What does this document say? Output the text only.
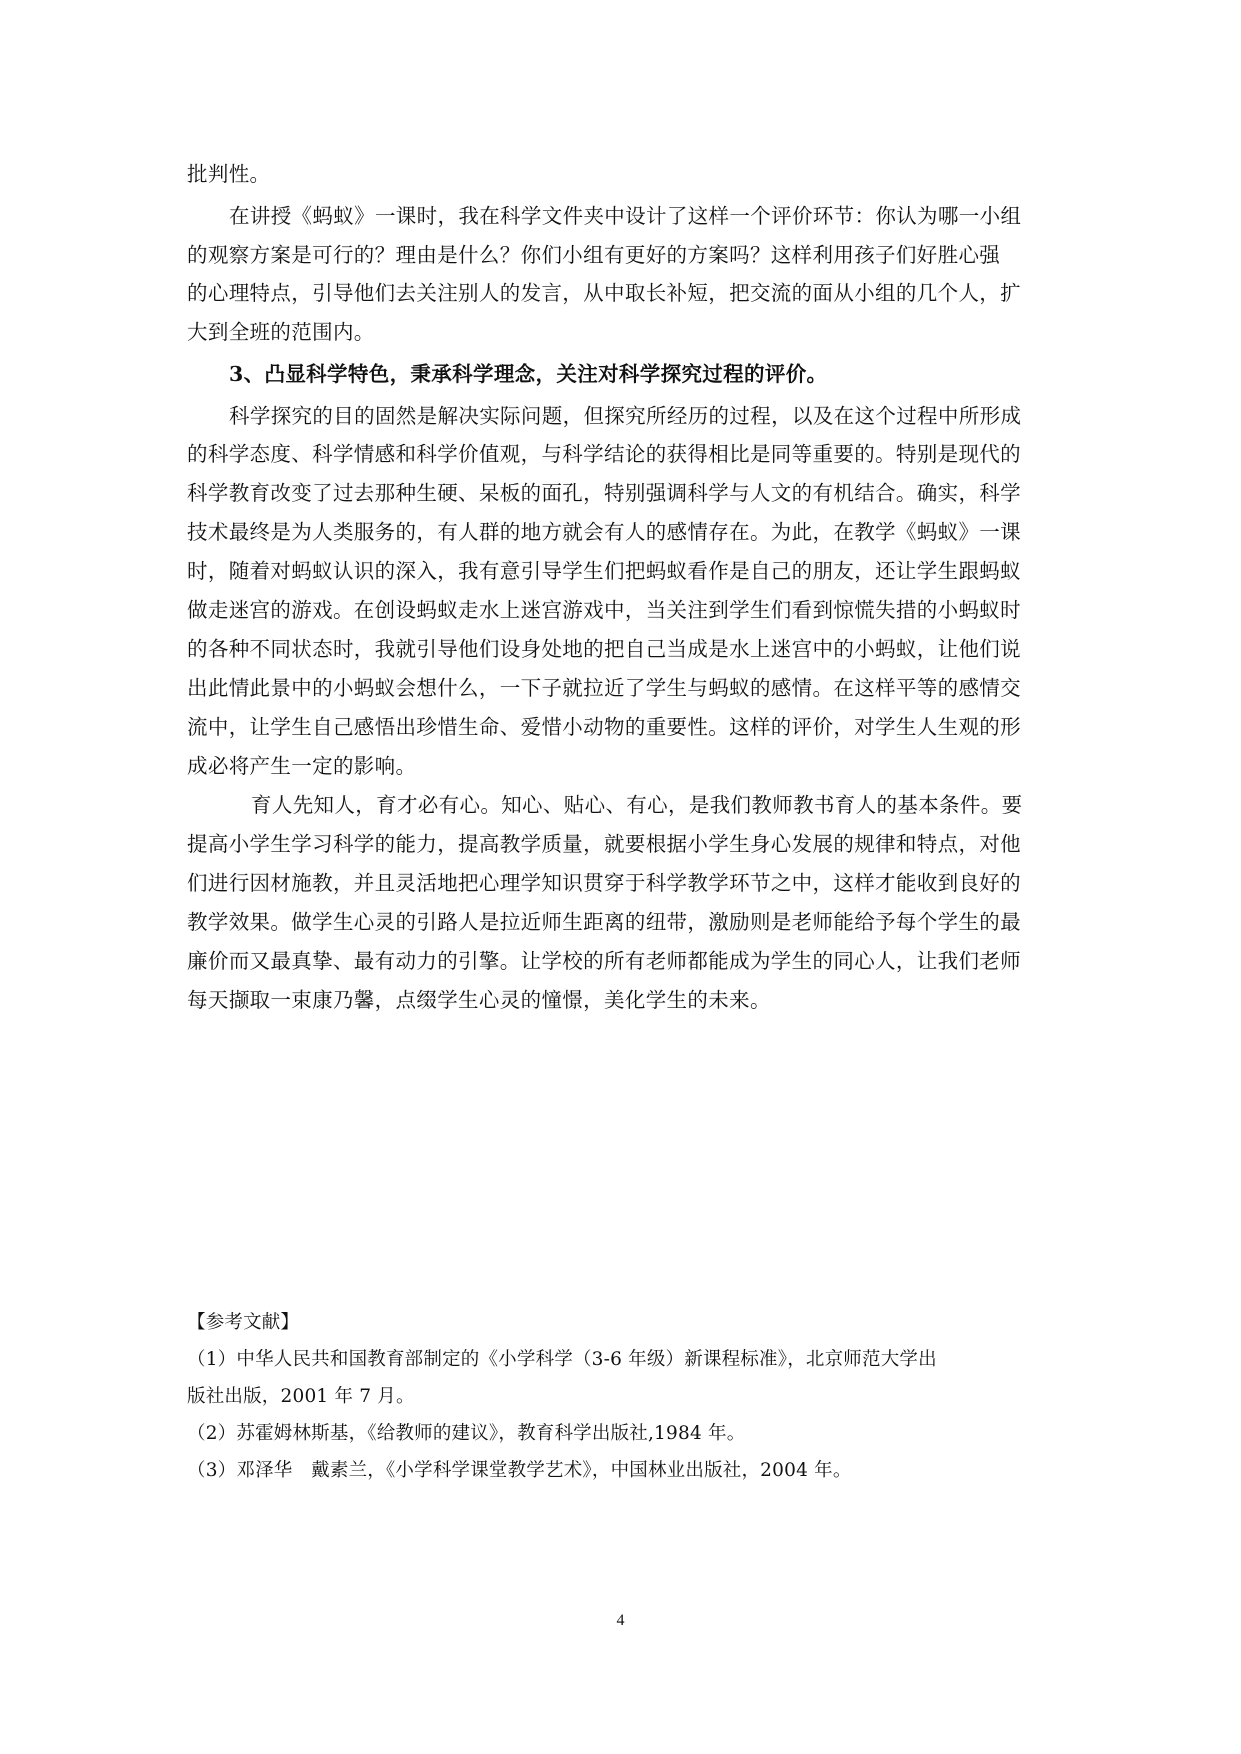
批判性。
在讲授《蚂蚁》一课时，我在科学文件夹中设计了这样一个评价环节：你认为哪一小组
的观察方案是可行的？理由是什么？你们小组有更好的方案吗？这样利用孩子们好胜心强
的心理特点，引导他们去关注别人的发言，从中取长补短，把交流的面从小组的几个人，扩
大到全班的范围内。
3、凸显科学特色，秉承科学理念，关注对科学探究过程的评价。
科学探究的目的固然是解决实际问题，但探究所经历的过程，以及在这个过程中所形成
的科学态度、科学情感和科学价值观，与科学结论的获得相比是同等重要的。特别是现代的
科学教育改变了过去那种生硬、呆板的面孔，特别强调科学与人文的有机结合。确实，科学
技术最终是为人类服务的，有人群的地方就会有人的感情存在。为此，在教学《蚂蚁》一课
时，随着对蚂蚁认识的深入，我有意引导学生们把蚂蚁看作是自己的朋友，还让学生跟蚂蚁
做走迷宫的游戏。在创设蚂蚁走水上迷宫游戏中，当关注到学生们看到惊慌失措的小蚂蚁时
的各种不同状态时，我就引导他们设身处地的把自己当成是水上迷宫中的小蚂蚁，让他们说
出此情此景中的小蚂蚁会想什么，一下子就拉近了学生与蚂蚁的感情。在这样平等的感情交
流中，让学生自己感悟出珍惜生命、爱惜小动物的重要性。这样的评价，对学生人生观的形
成必将产生一定的影响。
育人先知人，育才必有心。知心、贴心、有心，是我们教师教书育人的基本条件。要
提高小学生学习科学的能力，提高教学质量，就要根据小学生身心发展的规律和特点，对他
们进行因材施教，并且灵活地把心理学知识贯穿于科学教学环节之中，这样才能收到良好的
教学效果。做学生心灵的引路人是拉近师生距离的纽带，激励则是老师能给予每个学生的最
廉价而又最真挚、最有动力的引擎。让学校的所有老师都能成为学生的同心人，让我们老师
每天撷取一束康乃馨，点缀学生心灵的憧憬，美化学生的未来。
【参考文献】
（1）中华人民共和国教育部制定的《小学科学（3-6 年级）新课程标准》，北京师范大学出
版社出版，2001 年 7 月。
（2）苏霍姆林斯基，《给教师的建议》，教育科学出版社,1984 年。
（3）邓泽华　戴素兰，《小学科学课堂教学艺术》，中国林业出版社，2004 年。
4
